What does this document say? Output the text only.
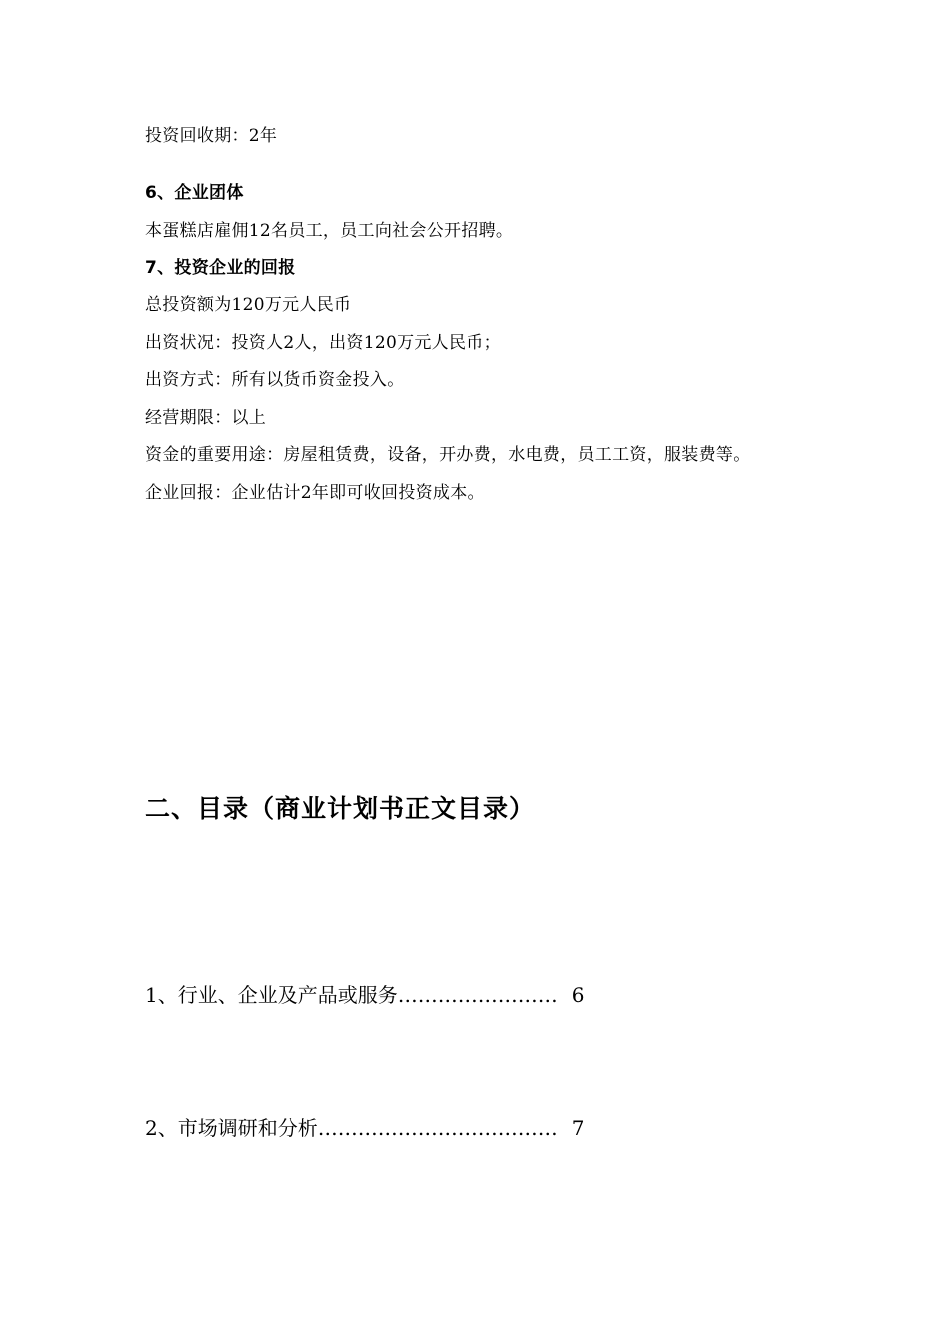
投资回收期：2年
6、企业团体
本蛋糕店雇佣12名员工，员工向社会公开招聘。
7、投资企业的回报
总投资额为120万元人民币
出资状况：投资人2人，出资120万元人民币；
出资方式：所有以货币资金投入。
经营期限：以上
资金的重要用途：房屋租赁费，设备，开办费，水电费，员工工资，服装费等。
企业回报：企业估计2年即可收回投资成本。
二、目录（商业计划书正文目录）
1、行业、企业及产品或服务 …………………… 6
2、市场调研和分析 ……………………………… 7
